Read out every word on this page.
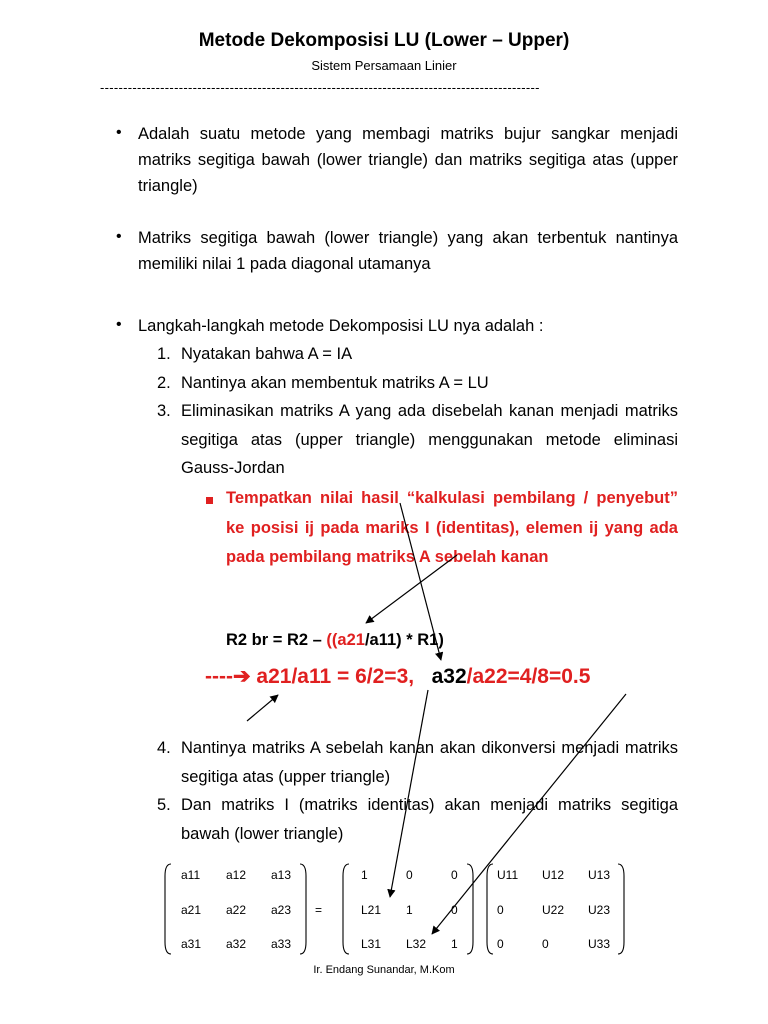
Metode Dekomposisi LU (Lower – Upper)
Sistem Persamaan Linier
-----------------------------------------------------------------------------------------------
• Adalah suatu metode yang membagi matriks bujur sangkar menjadi matriks segitiga bawah (lower triangle) dan matriks segitiga atas (upper triangle)
• Matriks segitiga bawah (lower triangle) yang akan terbentuk nantinya memiliki nilai 1 pada diagonal utamanya
• Langkah-langkah metode Dekomposisi LU nya adalah :
1. Nyatakan bahwa A = IA
2. Nantinya akan membentuk matriks A = LU
3. Eliminasikan matriks A yang ada disebelah kanan menjadi matriks segitiga atas (upper triangle) menggunakan metode eliminasi Gauss-Jordan
Tempatkan nilai hasil “kalkulasi pembilang / penyebut” ke posisi ij pada mariks I (identitas), elemen ij yang ada pada pembilang matriks A sebelah kanan
R2 br = R2 – ((a21/a11) * R1)
----➔ a21/a11 = 6/2=3, a32/a22=4/8=0.5
4. Nantinya matriks A sebelah kanan akan dikonversi menjadi matriks segitiga atas (upper triangle)
5. Dan matriks I (matriks identitas) akan menjadi matriks segitiga bawah (lower triangle)
a11 a12 a13
a21 a22 a23
a31 a32 a33
=
1	0	0
L21 1	0
L31 L32 1
U11 U12 U13
0	U22 U23
0	0	U33
Ir. Endang Sunandar, M.Kom
